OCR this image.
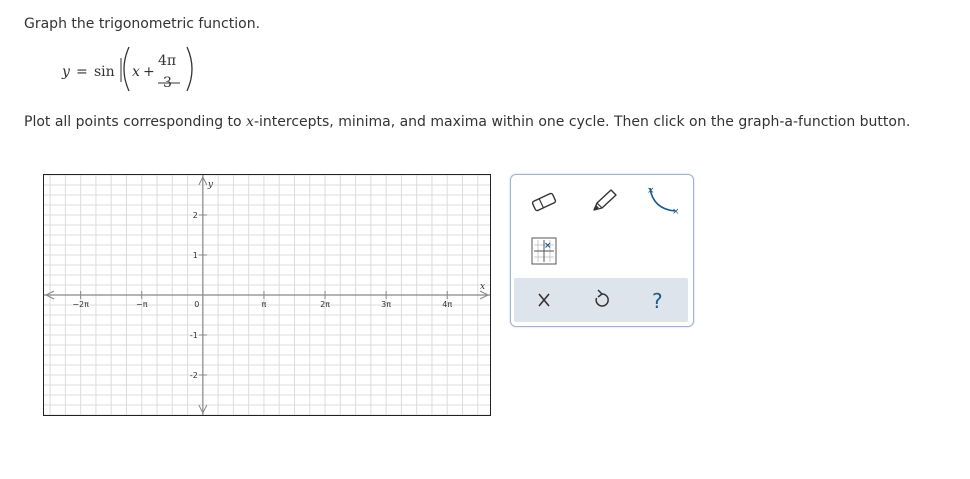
Graph the trigonometric function.
y = sin x +
4π
3
Plot all points corresponding to x-intercepts, minima, and maxima within one cycle. Then click on the graph-a-function button.
x
y
−2π	−π	0	π	2π	3π	4π
2
1
-1
-2
×
×
×
?
